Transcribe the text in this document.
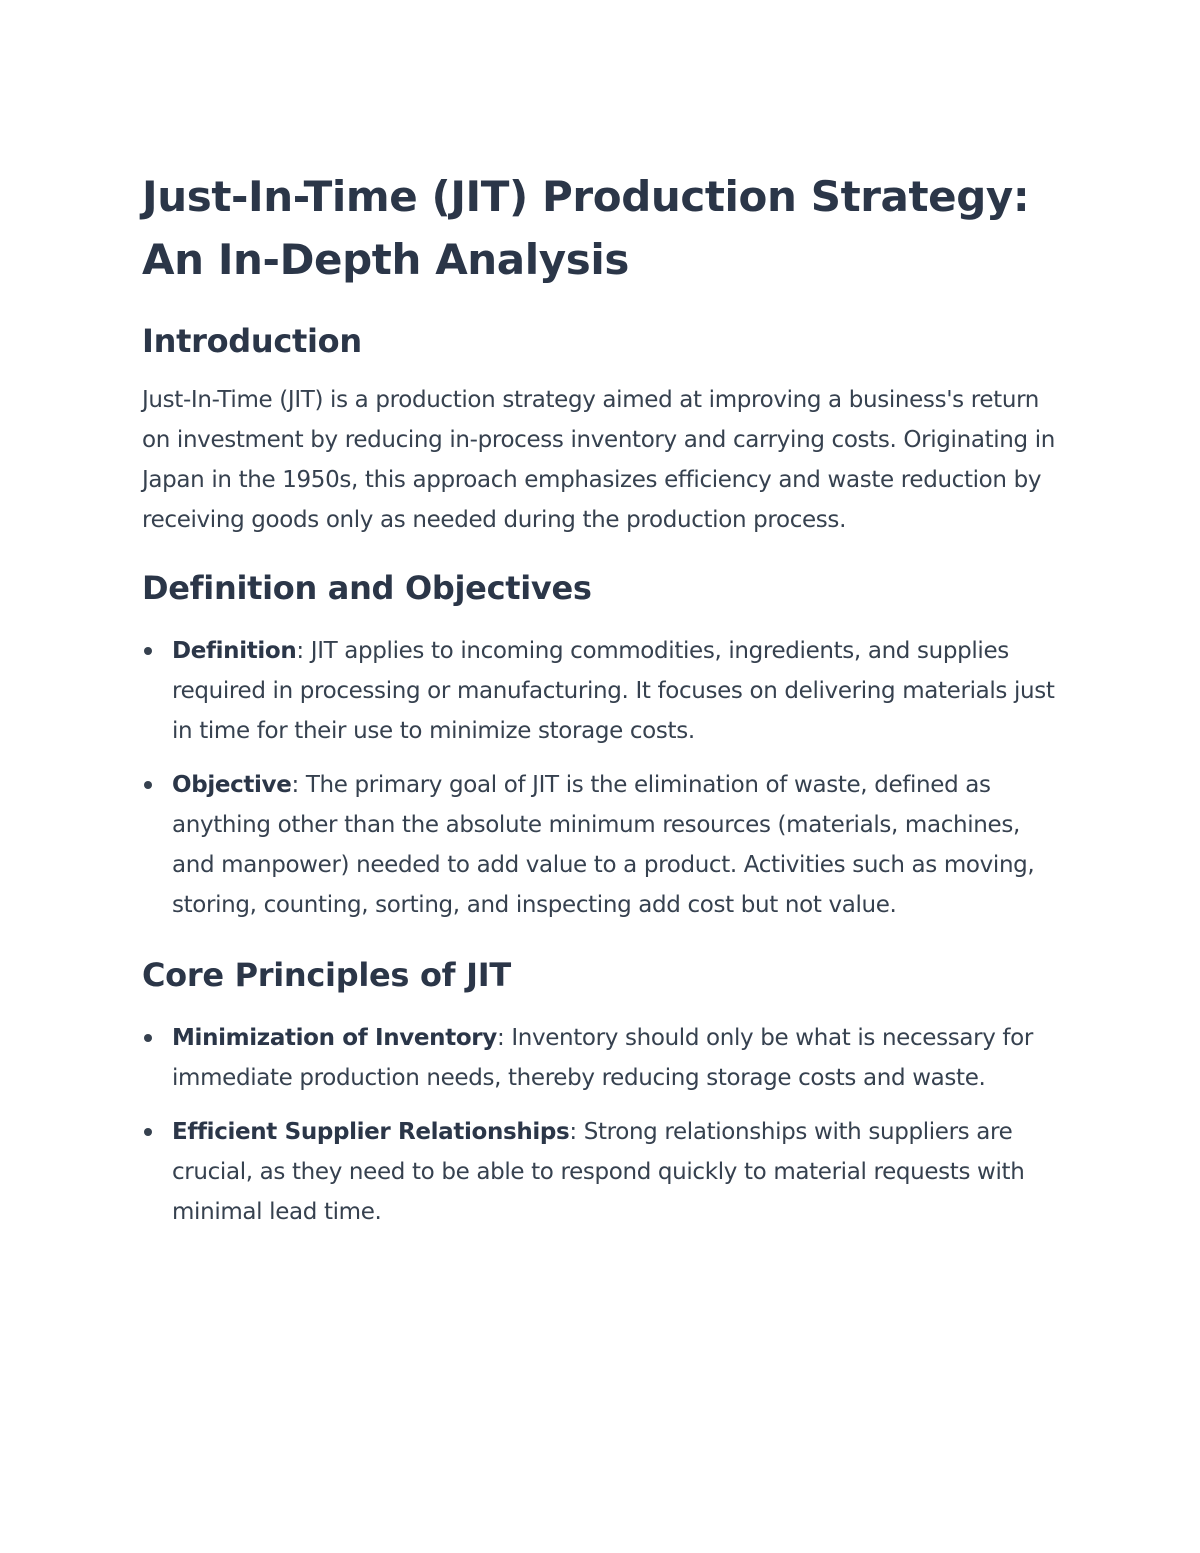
Just-In-Time (JIT) Production Strategy: An In-Depth Analysis
Introduction

Just-In-Time (JIT) is a production strategy aimed at improving a business's return on investment by reducing in-process inventory and carrying costs. Originating in Japan in the 1950s, this approach emphasizes efficiency and waste reduction by receiving goods only as needed during the production process.

Definition and Objectives
Definition: JIT applies to incoming commodities, ingredients, and supplies required in processing or manufacturing. It focuses on delivering materials just in time for their use to minimize storage costs.
Objective: The primary goal of JIT is the elimination of waste, defined as anything other than the absolute minimum resources (materials, machines, and manpower) needed to add value to a product. Activities such as moving, storing, counting, sorting, and inspecting add cost but not value.
Core Principles of JIT
Minimization of Inventory: Inventory should only be what is necessary for immediate production needs, thereby reducing storage costs and waste.
Efficient Supplier Relationships: Strong relationships with suppliers are crucial, as they need to be able to respond quickly to material requests with minimal lead time.
